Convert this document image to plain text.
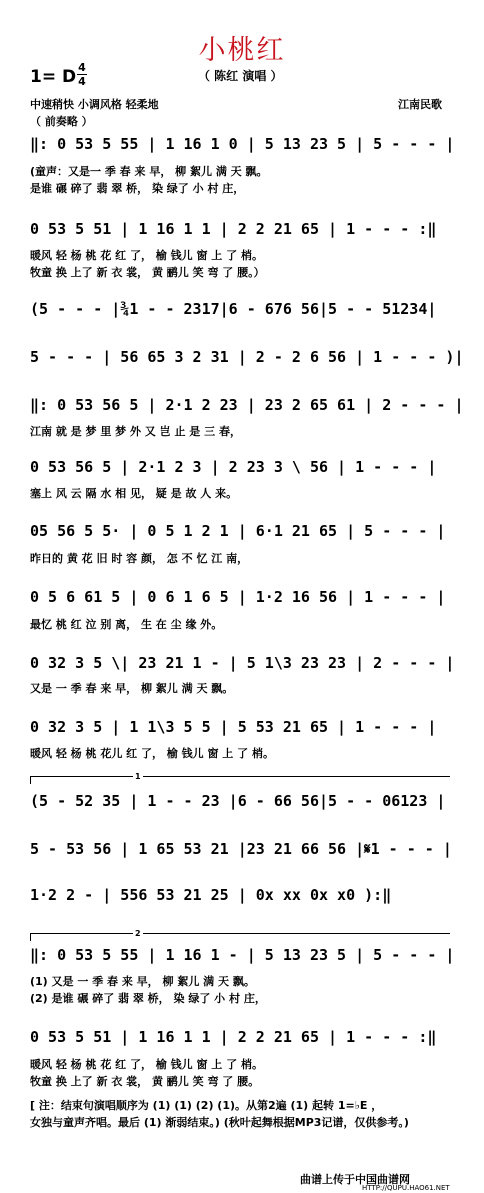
小桃红
1= D 4
4	（ 陈红 演唱 ）
中速稍快 小调风格 轻柔地	江南民歌
（ 前奏略 ）
‖: 0 53 5 55 | 1 16 1 0 | 5 13 23 5 | 5 - - - |
(童声：又是一 季 春 来 早， 柳 絮儿 满 天 飘。
是谁 碾 碎了 翡 翠 桥， 染 绿了 小 村 庄，
0 53 5 51 | 1 16 1 1 | 2 2 21 65 | 1 - - - :‖
暖风 轻 杨 桃 花 红 了， 榆 钱儿 窗 上 了 梢。
牧童 换 上了 新 衣 裳， 黄 鹂儿 笑 弯 了 腰。）
(5 - - - |¾1 - - 2317|6 - 676 56|5 - - 51234|
5 - - - | 56 65 3 2 31 | 2 - 2 6 56 | 1 - - - )|
‖: 0 53 56 5 | 2·1 2 23 | 23 2 65 61 | 2 - - - |
江南 就 是 梦 里 梦 外 又 岂 止 是 三 春，
0 53 56 5 | 2·1 2 3 | 2 23 3 \ 56 | 1 - - - |
塞上 风 云 隔 水 相 见， 疑 是 故 人 来。
05 56 5 5· | 0 5 1 2 1 | 6·1 21 65 | 5 - - - |
昨日的 黄 花 旧 时 容 颜， 怎 不 忆 江 南，
0 5 6 61 5 | 0 6 1 6 5 | 1·2 16 56 | 1 - - - |
最忆 桃 红 泣 别 离， 生 在 尘 缘 外。
0 32 3 5 \| 23 21 1 - | 5 1\3 23 23 | 2 - - - |
又是 一 季 春 来 早， 柳 絮儿 满 天 飘。
0 32 3 5 | 1 1\3 5 5 | 5 53 21 65 | 1 - - - |
暖风 轻 杨 桃 花儿 红 了， 榆 钱儿 窗 上 了 梢。
1
(5 - 52 35 | 1 - - 23 |6 - 66 56|5 - - 06123 |
5 - 53 56 | 1 65 53 21 |23 21 66 56 |𝄋1 - - - |
1·2 2 - | 556 53 21 25 | 0x xx 0x x0 ):‖
2
‖: 0 53 5 55 | 1 16 1 - | 5 13 23 5 | 5 - - - |
(1) 又是 一 季 春 来 早， 柳 絮儿 满 天 飘。
(2) 是谁 碾 碎了 翡 翠 桥， 染 绿了 小 村 庄，
0 53 5 51 | 1 16 1 1 | 2 2 21 65 | 1 - - - :‖
暖风 轻 杨 桃 花 红 了， 榆 钱儿 窗 上 了 梢。
牧童 换 上了 新 衣 裳， 黄 鹂儿 笑 弯 了 腰。
[ 注：结束句演唱顺序为 (1) (1) (2) (1)。从第2遍 (1) 起转 1=♭E ，
女独与童声齐唱。最后 (1) 渐弱结束。) (秋叶起舞根据MP3记谱，仅供参考。)
曲谱上传于中国曲谱网
HTTP://QUPU.HAO61.NET
